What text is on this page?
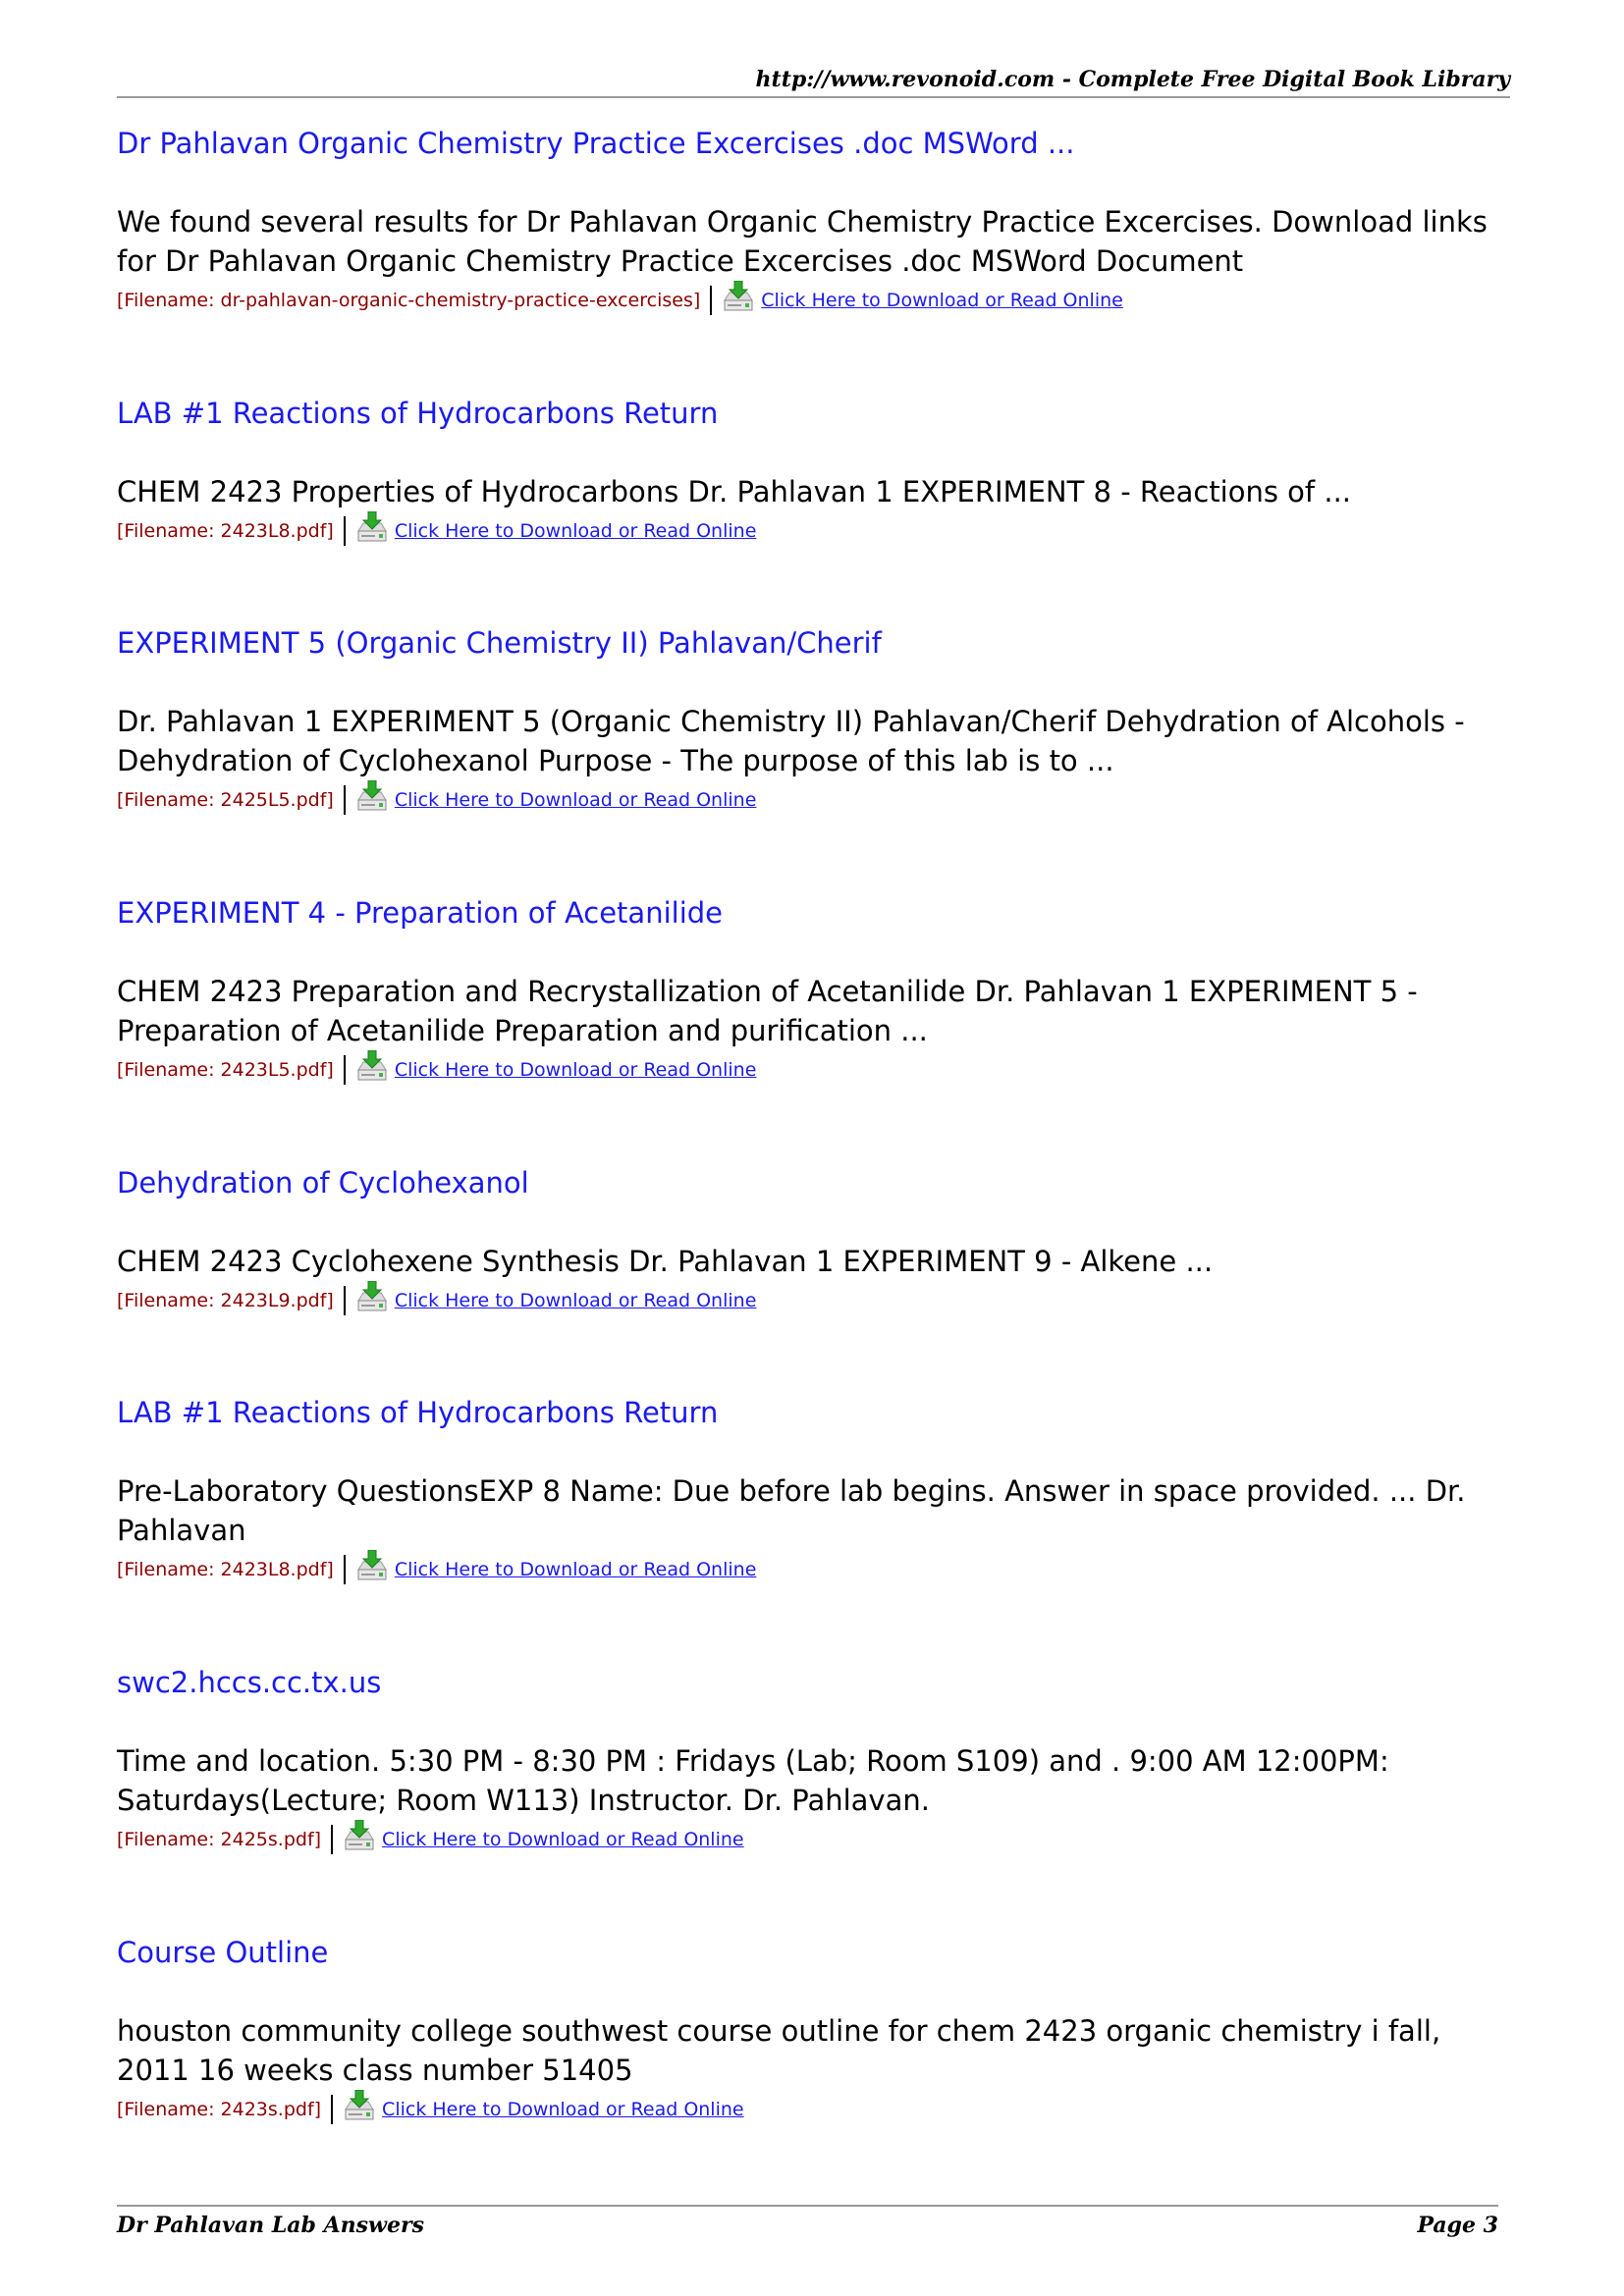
http://www.revonoid.com - Complete Free Digital Book Library
Dr Pahlavan Organic Chemistry Practice Excercises .doc MSWord ...
We found several results for Dr Pahlavan Organic Chemistry Practice Excercises. Download links for Dr Pahlavan Organic Chemistry Practice Excercises .doc MSWord Document
[Filename: dr-pahlavan-organic-chemistry-practice-excercises]	Click Here to Download or Read Online
LAB #1 Reactions of Hydrocarbons Return
CHEM 2423 Properties of Hydrocarbons Dr. Pahlavan 1 EXPERIMENT 8 - Reactions of ...
[Filename: 2423L8.pdf]	Click Here to Download or Read Online
EXPERIMENT 5 (Organic Chemistry II) Pahlavan/Cherif
Dr. Pahlavan 1 EXPERIMENT 5 (Organic Chemistry II) Pahlavan/Cherif Dehydration of Alcohols - Dehydration of Cyclohexanol Purpose - The purpose of this lab is to ...
[Filename: 2425L5.pdf]	Click Here to Download or Read Online
EXPERIMENT 4 - Preparation of Acetanilide
CHEM 2423 Preparation and Recrystallization of Acetanilide Dr. Pahlavan 1 EXPERIMENT 5 - Preparation of Acetanilide Preparation and purification ...
[Filename: 2423L5.pdf]	Click Here to Download or Read Online
Dehydration of Cyclohexanol
CHEM 2423 Cyclohexene Synthesis Dr. Pahlavan 1 EXPERIMENT 9 - Alkene ...
[Filename: 2423L9.pdf]	Click Here to Download or Read Online
LAB #1 Reactions of Hydrocarbons Return
Pre-Laboratory QuestionsEXP 8 Name: Due before lab begins. Answer in space provided. ... Dr. Pahlavan
[Filename: 2423L8.pdf]	Click Here to Download or Read Online
swc2.hccs.cc.tx.us
Time and location. 5:30 PM - 8:30 PM : Fridays (Lab; Room S109) and . 9:00 AM 12:00PM: Saturdays(Lecture; Room W113) Instructor. Dr. Pahlavan.
[Filename: 2425s.pdf]	Click Here to Download or Read Online
Course Outline
houston community college southwest course outline for chem 2423 organic chemistry i fall, 2011 16 weeks class number 51405
[Filename: 2423s.pdf]	Click Here to Download or Read Online
Dr Pahlavan Lab Answers	Page 3
